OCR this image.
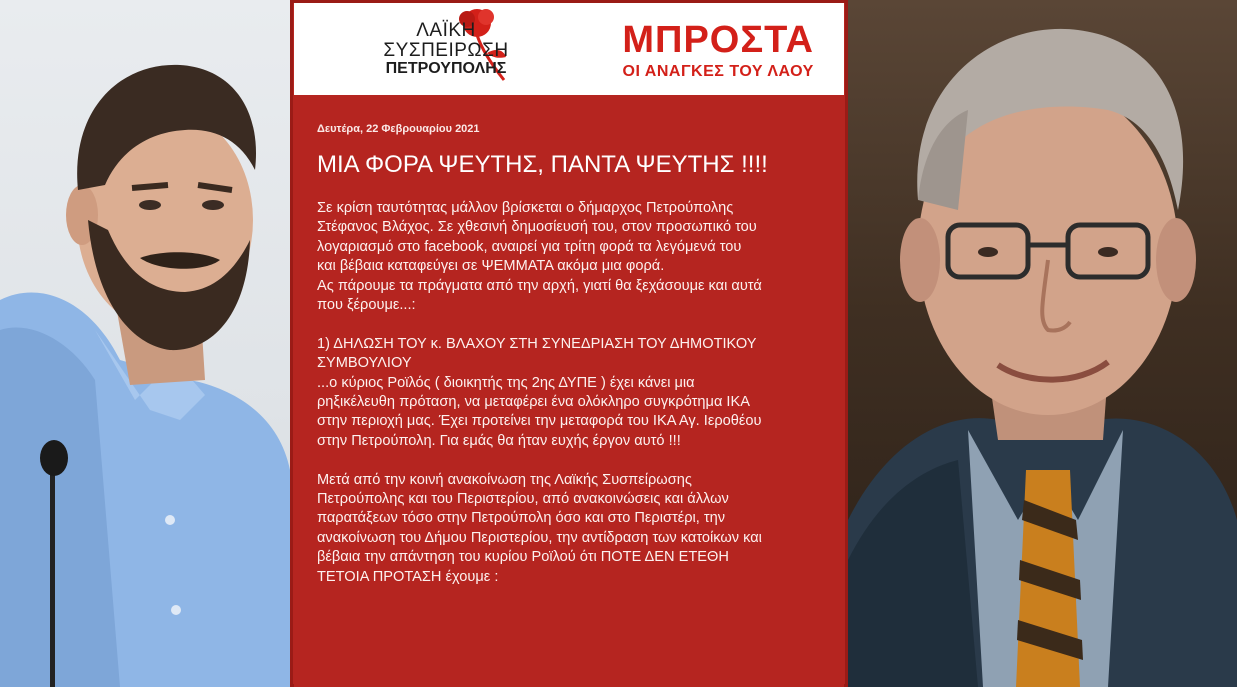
ΛΑΪΚΗ
ΣΥΣΠΕΙΡΩΣΗ
ΠΕΤΡΟΥΠΟΛΗΣ
ΜΠΡΟΣΤΑ
ΟΙ ΑΝΑΓΚΕΣ ΤΟΥ ΛΑΟΥ
Δευτέρα, 22 Φεβρουαρίου 2021
ΜΙΑ ΦΟΡΑ ΨΕΥΤΗΣ, ΠΑΝΤΑ ΨΕΥΤΗΣ !!!!

Σε κρίση ταυτότητας μάλλον βρίσκεται ο δήμαρχος Πετρούπολης

Στέφανος Βλάχος. Σε χθεσινή δημοσίευσή του, στον προσωπικό του

λογαριασμό στο facebook, αναιρεί για τρίτη φορά τα λεγόμενά του

και βέβαια καταφεύγει σε ΨΕΜΜΑΤΑ ακόμα μια φορά.

Ας πάρουμε τα πράγματα από την αρχή, γιατί θα ξεχάσουμε και αυτά

που ξέρουμε...:

1) ΔΗΛΩΣΗ ΤΟΥ κ. ΒΛΑΧΟΥ ΣΤΗ ΣΥΝΕΔΡΙΑΣΗ ΤΟΥ ΔΗΜΟΤΙΚΟΥ

ΣΥΜΒΟΥΛΙΟΥ

...ο κύριος Ροϊλός ( διοικητής της 2ης ΔΥΠΕ ) έχει κάνει μια

ρηξικέλευθη πρόταση, να μεταφέρει ένα ολόκληρο συγκρότημα ΙΚΑ

στην περιοχή μας. Έχει προτείνει την μεταφορά του ΙΚΑ Αγ. Ιεροθέου

στην Πετρούπολη. Για εμάς θα ήταν ευχής έργον αυτό !!!

Μετά από την κοινή ανακοίνωση της Λαϊκής Συσπείρωσης

Πετρούπολης και του Περιστερίου, από ανακοινώσεις και άλλων

παρατάξεων τόσο στην Πετρούπολη όσο και στο Περιστέρι, την

ανακοίνωση του Δήμου Περιστερίου, την αντίδραση των κατοίκων και

βέβαια την απάντηση του κυρίου Ροϊλού ότι ΠΟΤΕ ΔΕΝ ΕΤΕΘΗ

ΤΕΤΟΙΑ ΠΡΟΤΑΣΗ έχουμε :
